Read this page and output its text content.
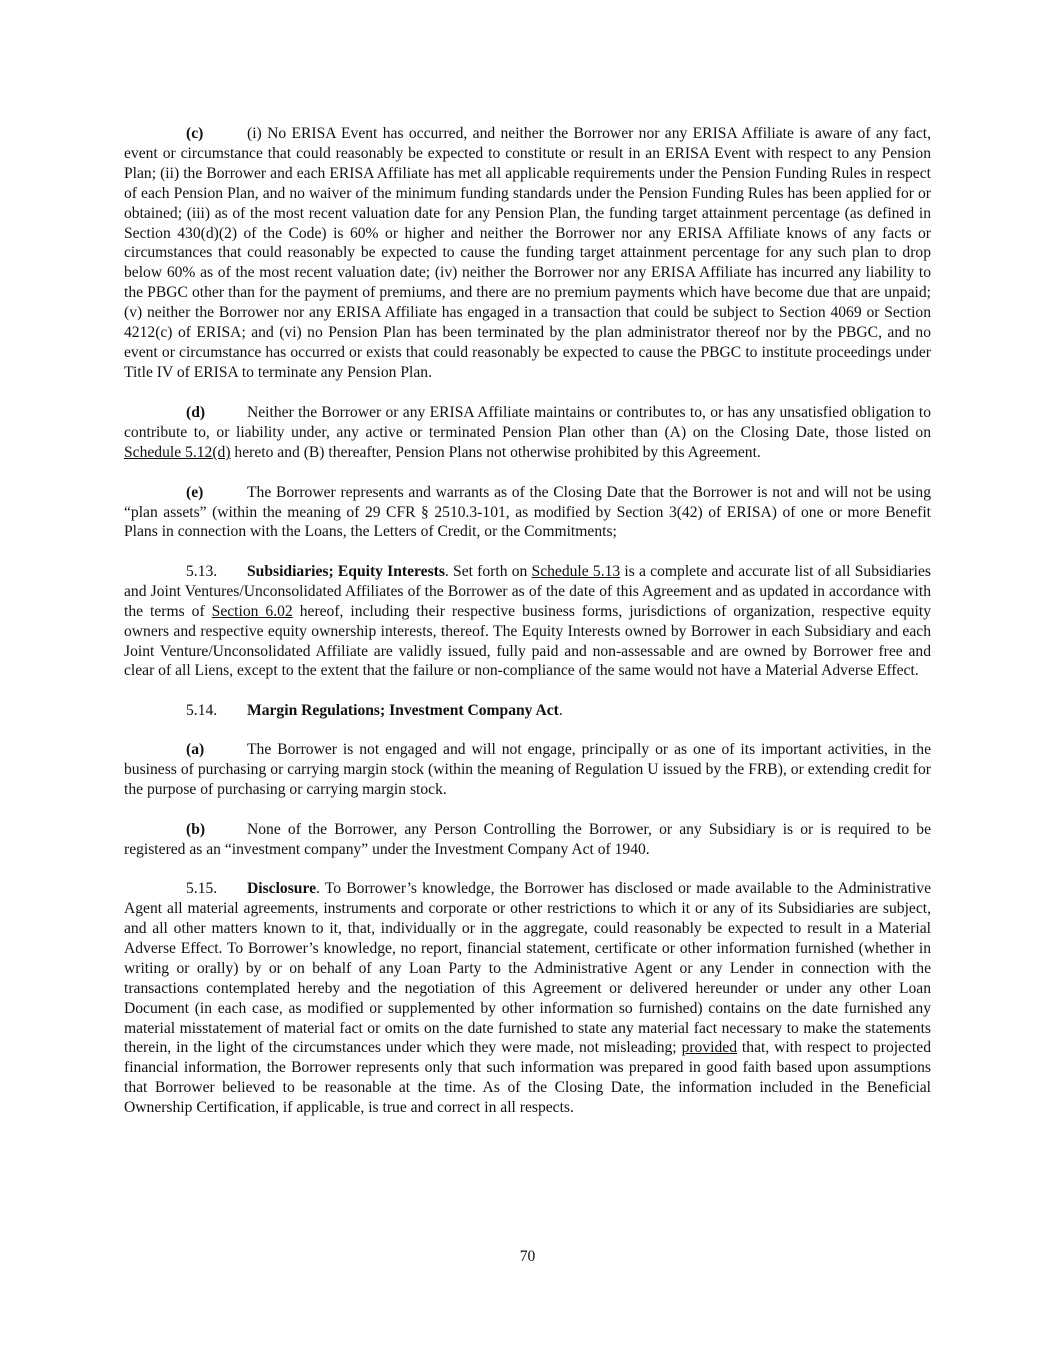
(c)	(i) No ERISA Event has occurred, and neither the Borrower nor any ERISA Affiliate is aware of any fact, event or circumstance that could reasonably be expected to constitute or result in an ERISA Event with respect to any Pension Plan; (ii) the Borrower and each ERISA Affiliate has met all applicable requirements under the Pension Funding Rules in respect of each Pension Plan, and no waiver of the minimum funding standards under the Pension Funding Rules has been applied for or obtained; (iii) as of the most recent valuation date for any Pension Plan, the funding target attainment percentage (as defined in Section 430(d)(2) of the Code) is 60% or higher and neither the Borrower nor any ERISA Affiliate knows of any facts or circumstances that could reasonably be expected to cause the funding target attainment percentage for any such plan to drop below 60% as of the most recent valuation date; (iv) neither the Borrower nor any ERISA Affiliate has incurred any liability to the PBGC other than for the payment of premiums, and there are no premium payments which have become due that are unpaid; (v) neither the Borrower nor any ERISA Affiliate has engaged in a transaction that could be subject to Section 4069 or Section 4212(c) of ERISA; and (vi) no Pension Plan has been terminated by the plan administrator thereof nor by the PBGC, and no event or circumstance has occurred or exists that could reasonably be expected to cause the PBGC to institute proceedings under Title IV of ERISA to terminate any Pension Plan.

(d)	Neither the Borrower or any ERISA Affiliate maintains or contributes to, or has any unsatisfied obligation to contribute to, or liability under, any active or terminated Pension Plan other than (A) on the Closing Date, those listed on Schedule 5.12(d) hereto and (B) thereafter, Pension Plans not otherwise prohibited by this Agreement.

(e)	The Borrower represents and warrants as of the Closing Date that the Borrower is not and will not be using “plan assets” (within the meaning of 29 CFR § 2510.3-101, as modified by Section 3(42) of ERISA) of one or more Benefit Plans in connection with the Loans, the Letters of Credit, or the Commitments;

5.13. Subsidiaries; Equity Interests. Set forth on Schedule 5.13 is a complete and accurate list of all Subsidiaries and Joint Ventures/Unconsolidated Affiliates of the Borrower as of the date of this Agreement and as updated in accordance with the terms of Section 6.02 hereof, including their respective business forms, jurisdictions of organization, respective equity owners and respective equity ownership interests, thereof. The Equity Interests owned by Borrower in each Subsidiary and each Joint Venture/Unconsolidated Affiliate are validly issued, fully paid and non-assessable and are owned by Borrower free and clear of all Liens, except to the extent that the failure or non-compliance of the same would not have a Material Adverse Effect.

5.14. Margin Regulations; Investment Company Act.

(a)	The Borrower is not engaged and will not engage, principally or as one of its important activities, in the business of purchasing or carrying margin stock (within the meaning of Regulation U issued by the FRB), or extending credit for the purpose of purchasing or carrying margin stock.

(b)	None of the Borrower, any Person Controlling the Borrower, or any Subsidiary is or is required to be registered as an “investment company” under the Investment Company Act of 1940.

5.15. Disclosure. To Borrower’s knowledge, the Borrower has disclosed or made available to the Administrative Agent all material agreements, instruments and corporate or other restrictions to which it or any of its Subsidiaries are subject, and all other matters known to it, that, individually or in the aggregate, could reasonably be expected to result in a Material Adverse Effect. To Borrower’s knowledge, no report, financial statement, certificate or other information furnished (whether in writing or orally) by or on behalf of any Loan Party to the Administrative Agent or any Lender in connection with the transactions contemplated hereby and the negotiation of this Agreement or delivered hereunder or under any other Loan Document (in each case, as modified or supplemented by other information so furnished) contains on the date furnished any material misstatement of material fact or omits on the date furnished to state any material fact necessary to make the statements therein, in the light of the circumstances under which they were made, not misleading; provided that, with respect to projected financial information, the Borrower represents only that such information was prepared in good faith based upon assumptions that Borrower believed to be reasonable at the time. As of the Closing Date, the information included in the Beneficial Ownership Certification, if applicable, is true and correct in all respects.

70
